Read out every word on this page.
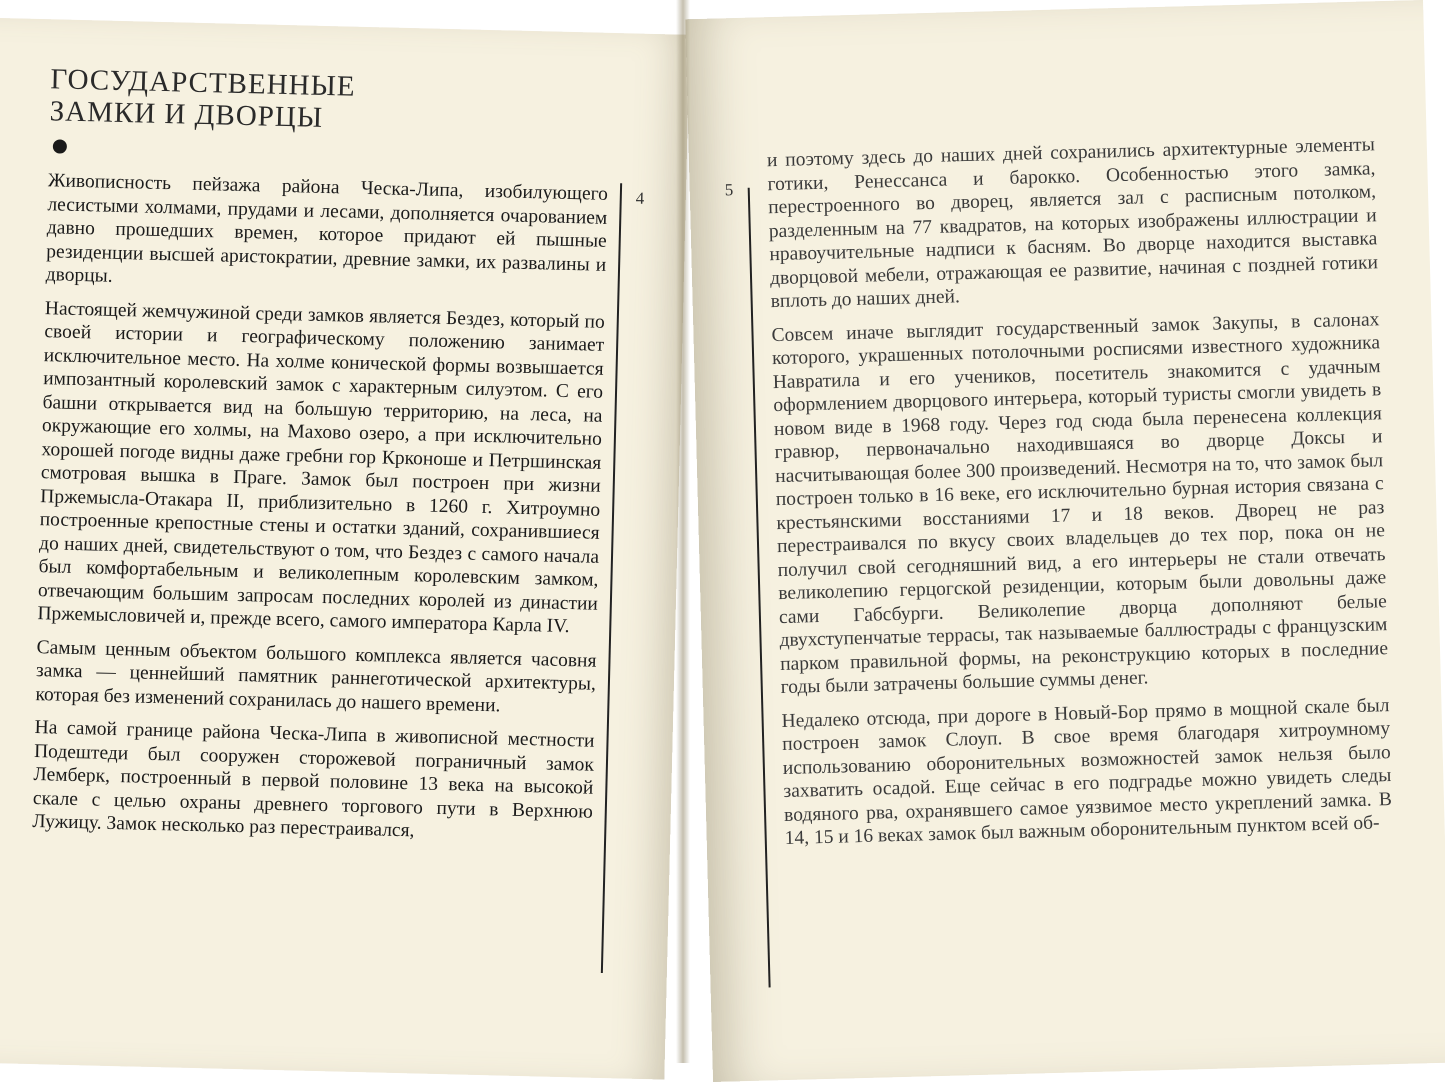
ГОСУДАРСТВЕННЫЕ
ЗАМКИ И ДВОРЦЫ
4

Живописность пейзажа района Ческа-Липа, изобилующего лесистыми холмами, прудами и лесами, дополняется очарованием давно прошедших времен, которое придают ей пышные резиденции высшей аристократии, древние замки, их развалины и дворцы.

Настоящей жемчужиной среди замков является Бездез, который по своей истории и географическому положению занимает исключительное место. На холме конической формы возвышается импозантный королевский замок с характерным силуэтом. С его башни открывается вид на большую территорию, на леса, на окружающие его холмы, на Махово озеро, а при исключительно хорошей погоде видны даже гребни гор Крконоше и Петршинская смотровая вышка в Праге. Замок был построен при жизни Пржемысла-Отакара II, приблизительно в 1260 г. Хитроумно построенные крепостные стены и остатки зданий, сохранившиеся до наших дней, свидетельствуют о том, что Бездез с самого начала был комфортабельным и великолепным королевским замком, отвечающим большим запросам последних королей из династии Пржемысловичей и, прежде всего, самого императора Карла IV.

Самым ценным объектом большого комплекса является часовня замка — ценнейший памятник раннеготической архитектуры, которая без изменений сохранилась до нашего времени.

На самой границе района Ческа-Липа в живописной местности Подештеди был сооружен сторожевой пограничный замок Лемберк, построенный в первой половине 13 века на высокой скале с целью охраны древнего торгового пути в Верхнюю Лужицу. Замок несколько раз перестраивался,

5

и поэтому здесь до наших дней сохранились архитектурные элементы готики, Ренессанса и барокко. Особенностью этого замка, перестроенного во дворец, является зал с расписным потолком, разделенным на 77 квадратов, на которых изображены иллюстрации и нравоучительные надписи к басням. Во дворце находится выставка дворцовой мебели, отражающая ее развитие, начиная с поздней готики вплоть до наших дней.

Совсем иначе выглядит государственный замок Закупы, в салонах которого, украшенных потолочными росписями известного художника Навратила и его учеников, посетитель знакомится с удачным оформлением дворцового интерьера, который туристы смогли увидеть в новом виде в 1968 году. Через год сюда была перенесена коллекция гравюр, первоначально находившаяся во дворце Доксы и насчитывающая более 300 произведений. Несмотря на то, что замок был построен только в 16 веке, его исключительно бурная история связана с крестьянскими восстаниями 17 и 18 веков. Дворец не раз перестраивался по вкусу своих владельцев до тех пор, пока он не получил свой сегодняшний вид, а его интерьеры не стали отвечать великолепию герцогской резиденции, которым были довольны даже сами Габсбурги. Великолепие дворца дополняют белые двухступенчатые террасы, так называемые баллюстрады с французским парком правильной формы, на реконструкцию которых в последние годы были затрачены большие суммы денег.

Недалеко отсюда, при дороге в Новый-Бор прямо в мощной скале был построен замок Слоуп. В свое время благодаря хитроумному использованию оборонительных возможностей замок нельзя было захватить осадой. Еще сейчас в его подградье можно увидеть следы водяного рва, охранявшего самое уязвимое место укреплений замка. В 14, 15 и 16 веках замок был важным оборонительным пунктом всей об-
